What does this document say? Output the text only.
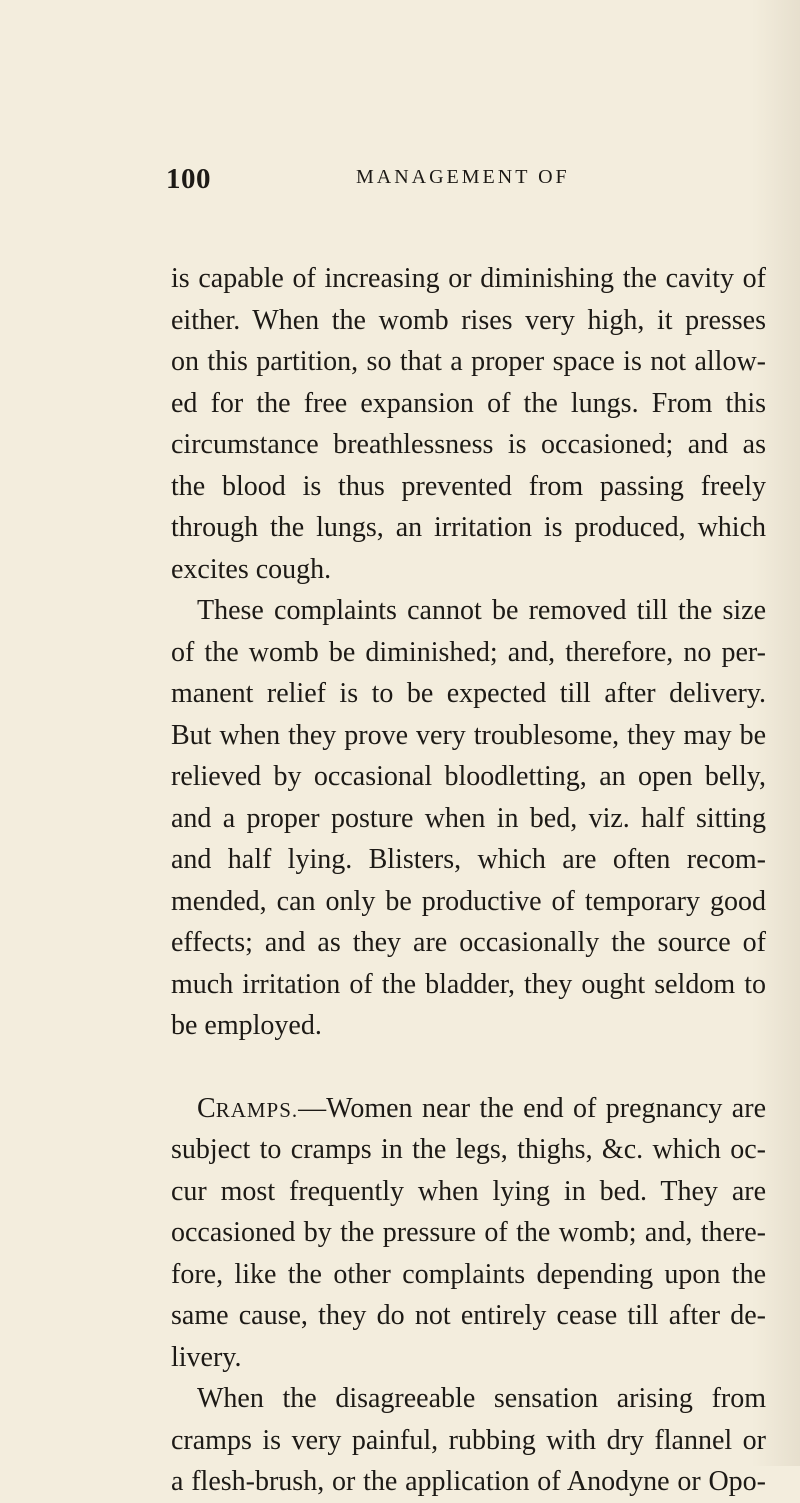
100	MANAGEMENT OF
is capable of increasing or diminishing the cavity of
either. When the womb rises very high, it presses
on this partition, so that a proper space is not allow-
ed for the free expansion of the lungs. From this
circumstance breathlessness is occasioned; and as
the blood is thus prevented from passing freely
through the lungs, an irritation is produced, which
excites cough.
These complaints cannot be removed till the size
of the womb be diminished; and, therefore, no per-
manent relief is to be expected till after delivery.
But when they prove very troublesome, they may be
relieved by occasional bloodletting, an open belly,
and a proper posture when in bed, viz. half sitting
and half lying. Blisters, which are often recom-
mended, can only be productive of temporary good
effects; and as they are occasionally the source of
much irritation of the bladder, they ought seldom to
be employed.
CRAMPS.—Women near the end of pregnancy are
subject to cramps in the legs, thighs, &c. which oc-
cur most frequently when lying in bed. They are
occasioned by the pressure of the womb; and, there-
fore, like the other complaints depending upon the
same cause, they do not entirely cease till after de-
livery.
When the disagreeable sensation arising from
cramps is very painful, rubbing with dry flannel or
a flesh-brush, or the application of Anodyne or Opo-
